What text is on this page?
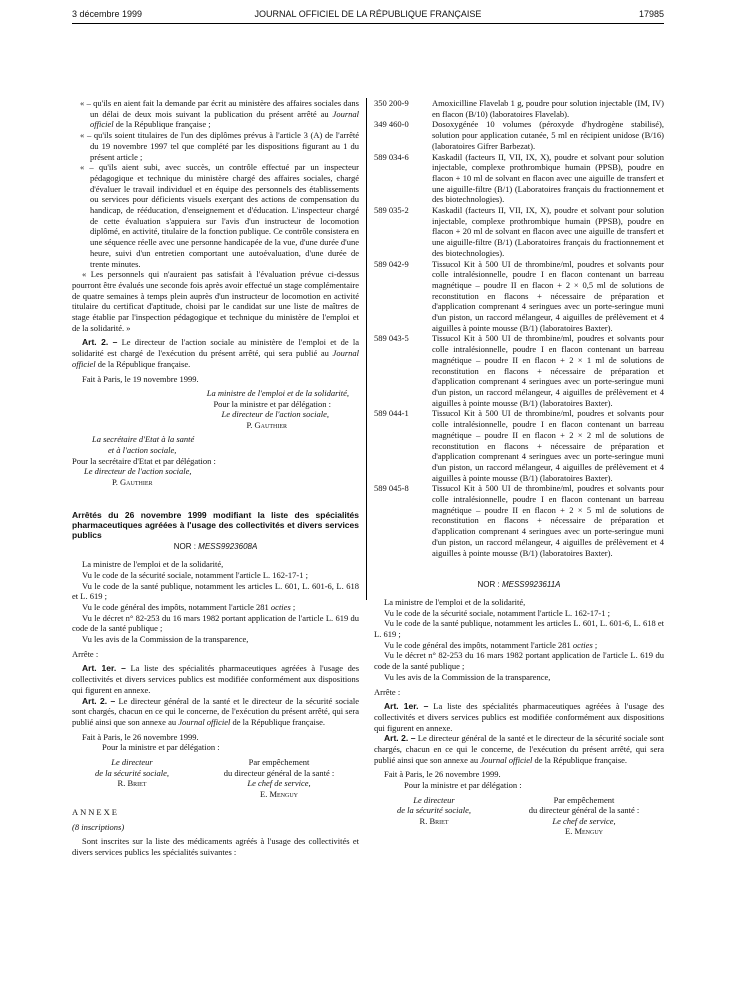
3 décembre 1999	JOURNAL OFFICIEL DE LA RÉPUBLIQUE FRANÇAISE	17985

« – qu'ils en aient fait la demande par écrit au ministère des affaires sociales dans un délai de deux mois suivant la publication du présent arrêté au Journal officiel de la République française ;

« – qu'ils soient titulaires de l'un des diplômes prévus à l'article 3 (A) de l'arrêté du 19 novembre 1997 tel que complété par les dispositions figurant au 1 du présent article ;

« – qu'ils aient subi, avec succès, un contrôle effectué par un inspecteur pédagogique et technique du ministère chargé des affaires sociales, chargé d'évaluer le travail individuel et en équipe des personnels des établissements ou services pour déficients visuels exerçant des actions de compensation du handicap, de rééducation, d'enseignement et d'éducation. L'inspecteur chargé de cette évaluation s'appuiera sur l'avis d'un instructeur de locomotion diplômé, en activité, titulaire de la fonction publique. Ce contrôle consistera en une séquence réelle avec une personne handicapée de la vue, d'une durée d'une heure, suivi d'un entretien comportant une autoévaluation, d'une durée de trente minutes.

« Les personnels qui n'auraient pas satisfait à l'évaluation prévue ci-dessus pourront être évalués une seconde fois après avoir effectué un stage complémentaire de quatre semaines à temps plein auprès d'un instructeur de locomotion en activité titulaire du certificat d'aptitude, choisi par le candidat sur une liste de maîtres de stage établie par l'inspection pédagogique et technique du ministère de l'emploi et de la solidarité. »

Art. 2. – Le directeur de l'action sociale au ministère de l'emploi et de la solidarité est chargé de l'exécution du présent arrêté, qui sera publié au Journal officiel de la République française.

Fait à Paris, le 19 novembre 1999.

La ministre de l'emploi et de la solidarité,
Pour la ministre et par délégation :
Le directeur de l'action sociale,
P. Gauthier
La secrétaire d'Etat à la santé
et à l'action sociale,
Pour la secrétaire d'Etat et par délégation :
Le directeur de l'action sociale,
P. Gauthier

Arrêtés du 26 novembre 1999 modifiant la liste des spécialités pharmaceutiques agréées à l'usage des collectivités et divers services publics

NOR : MESS9923608A

La ministre de l'emploi et de la solidarité,

Vu le code de la sécurité sociale, notamment l'article L. 162-17-1 ;

Vu le code de la santé publique, notamment les articles L. 601, L. 601-6, L. 618 et L. 619 ;

Vu le code général des impôts, notamment l'article 281 octies ;

Vu le décret n° 82-253 du 16 mars 1982 portant application de l'article L. 619 du code de la santé publique ;

Vu les avis de la Commission de la transparence,

Arrête :

Art. 1er. – La liste des spécialités pharmaceutiques agréées à l'usage des collectivités et divers services publics est modifiée conformément aux dispositions qui figurent en annexe.

Art. 2. – Le directeur général de la santé et le directeur de la sécurité sociale sont chargés, chacun en ce qui le concerne, de l'exécution du présent arrêté, qui sera publié ainsi que son annexe au Journal officiel de la République française.

Fait à Paris, le 26 novembre 1999.

Pour la ministre et par délégation :

Le directeur
de la sécurité sociale,
R. Briet
Par empêchement
du directeur général de la santé :
Le chef de service,
E. Menguy

ANNEXE

(8 inscriptions)

Sont inscrites sur la liste des médicaments agréés à l'usage des collectivités et divers services publics les spécialités suivantes :

350 200-9	Amoxicilline Flavelab 1 g, poudre pour solution injectable (IM, IV) en flacon (B/10) (laboratoires Flavelab).
349 460-0	Dosoxygénée 10 volumes (péroxyde d'hydrogène stabilisé), solution pour application cutanée, 5 ml en récipient unidose (B/16) (laboratoires Gifrer Barbezat).
589 034-6	Kaskadil (facteurs II, VII, IX, X), poudre et solvant pour solution injectable, complexe prothrombique humain (PPSB), poudre en flacon + 10 ml de solvant en flacon avec une aiguille de transfert et une aiguille-filtre (B/1) (Laboratoires français du fractionnement et des biotechnologies).
589 035-2	Kaskadil (facteurs II, VII, IX, X), poudre et solvant pour solution injectable, complexe prothrombique humain (PPSB), poudre en flacon + 20 ml de solvant en flacon avec une aiguille de transfert et une aiguille-filtre (B/1) (Laboratoires français du fractionnement et des biotechnologies).
589 042-9	Tissucol Kit à 500 UI de thrombine/ml, poudres et solvants pour colle intralésionnelle, poudre I en flacon contenant un barreau magnétique – poudre II en flacon + 2 × 0,5 ml de solutions de reconstitution en flacons + nécessaire de préparation et d'application comprenant 4 seringues avec un porte-seringue muni d'un piston, un raccord mélangeur, 4 aiguilles de prélèvement et 4 aiguilles à pointe mousse (B/1) (laboratoires Baxter).
589 043-5	Tissucol Kit à 500 UI de thrombine/ml, poudres et solvants pour colle intralésionnelle, poudre I en flacon contenant un barreau magnétique – poudre II en flacon + 2 × 1 ml de solutions de reconstitution en flacons + nécessaire de préparation et d'application comprenant 4 seringues avec un porte-seringue muni d'un piston, un raccord mélangeur, 4 aiguilles de prélèvement et 4 aiguilles à pointe mousse (B/1) (laboratoires Baxter).
589 044-1	Tissucol Kit à 500 UI de thrombine/ml, poudres et solvants pour colle intralésionnelle, poudre I en flacon contenant un barreau magnétique – poudre II en flacon + 2 × 2 ml de solutions de reconstitution en flacons + nécessaire de préparation et d'application comprenant 4 seringues avec un porte-seringue muni d'un piston, un raccord mélangeur, 4 aiguilles de prélèvement et 4 aiguilles à pointe mousse (B/1) (laboratoires Baxter).
589 045-8	Tissucol Kit à 500 UI de thrombine/ml, poudres et solvants pour colle intralésionnelle, poudre I en flacon contenant un barreau magnétique – poudre II en flacon + 2 × 5 ml de solutions de reconstitution en flacons + nécessaire de préparation et d'application comprenant 4 seringues avec un porte-seringue muni d'un piston, un raccord mélangeur, 4 aiguilles de prélèvement et 4 aiguilles à pointe mousse (B/1) (laboratoires Baxter).
NOR : MESS9923611A

La ministre de l'emploi et de la solidarité,

Vu le code de la sécurité sociale, notamment l'article L. 162-17-1 ;

Vu le code de la santé publique, notamment les articles L. 601, L. 601-6, L. 618 et L. 619 ;

Vu le code général des impôts, notamment l'article 281 octies ;

Vu le décret n° 82-253 du 16 mars 1982 portant application de l'article L. 619 du code de la santé publique ;

Vu les avis de la Commission de la transparence,

Arrête :

Art. 1er. – La liste des spécialités pharmaceutiques agréées à l'usage des collectivités et divers services publics est modifiée conformément aux dispositions qui figurent en annexe.

Art. 2. – Le directeur général de la santé et le directeur de la sécurité sociale sont chargés, chacun en ce qui le concerne, de l'exécution du présent arrêté, qui sera publié ainsi que son annexe au Journal officiel de la République française.

Fait à Paris, le 26 novembre 1999.

Pour la ministre et par délégation :

Le directeur
de la sécurité sociale,
R. Briet
Par empêchement
du directeur général de la santé :
Le chef de service,
E. Menguy
